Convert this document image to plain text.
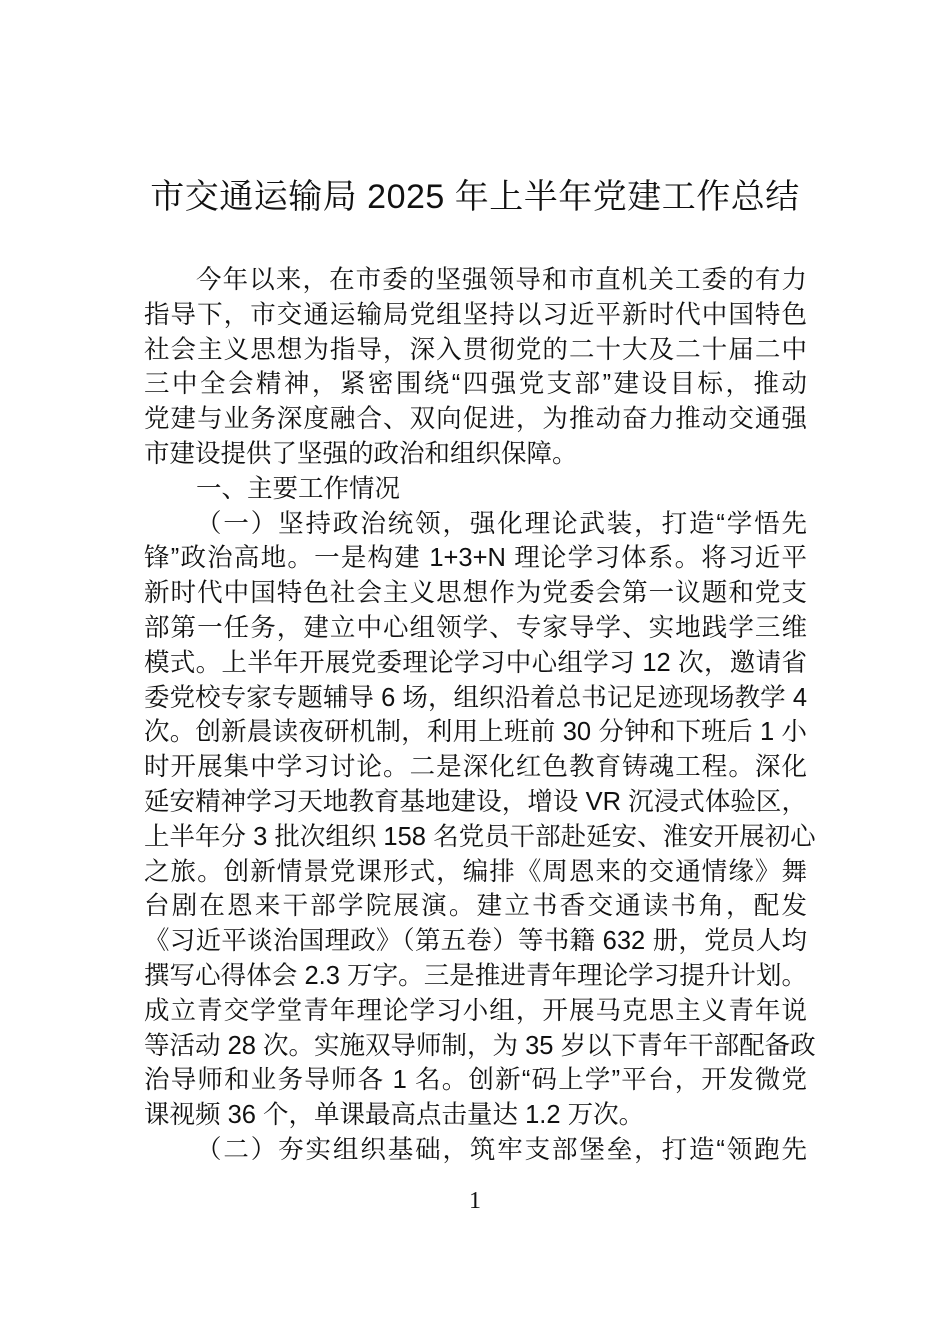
市交通运输局 2025 年上半年党建工作总结
今年以来，在市委的坚强领导和市直机关工委的有力
指导下，市交通运输局党组坚持以习近平新时代中国特色
社会主义思想为指导，深入贯彻党的二十大及二十届二中
三中全会精神，紧密围绕“四强党支部”建设目标，推动
党建与业务深度融合、双向促进，为推动奋力推动交通强
市建设提供了坚强的政治和组织保障。
一、主要工作情况
（一）坚持政治统领，强化理论武装，打造“学悟先
锋”政治高地。一是构建 1+3+N 理论学习体系。将习近平
新时代中国特色社会主义思想作为党委会第一议题和党支
部第一任务，建立中心组领学、专家导学、实地践学三维
模式。上半年开展党委理论学习中心组学习 12 次，邀请省
委党校专家专题辅导 6 场，组织沿着总书记足迹现场教学 4
次。创新晨读夜研机制，利用上班前 30 分钟和下班后 1 小
时开展集中学习讨论。二是深化红色教育铸魂工程。深化
延安精神学习天地教育基地建设，增设 VR 沉浸式体验区，
上半年分 3 批次组织 158 名党员干部赴延安、淮安开展初心
之旅。创新情景党课形式，编排《周恩来的交通情缘》舞
台剧在恩来干部学院展演。建立书香交通读书角，配发
《习近平谈治国理政》（第五卷）等书籍 632 册，党员人均
撰写心得体会 2.3 万字。三是推进青年理论学习提升计划。
成立青交学堂青年理论学习小组，开展马克思主义青年说
等活动 28 次。实施双导师制，为 35 岁以下青年干部配备政
治导师和业务导师各 1 名。创新“码上学”平台，开发微党
课视频 36 个，单课最高点击量达 1.2 万次。
（二）夯实组织基础，筑牢支部堡垒，打造“领跑先
1
